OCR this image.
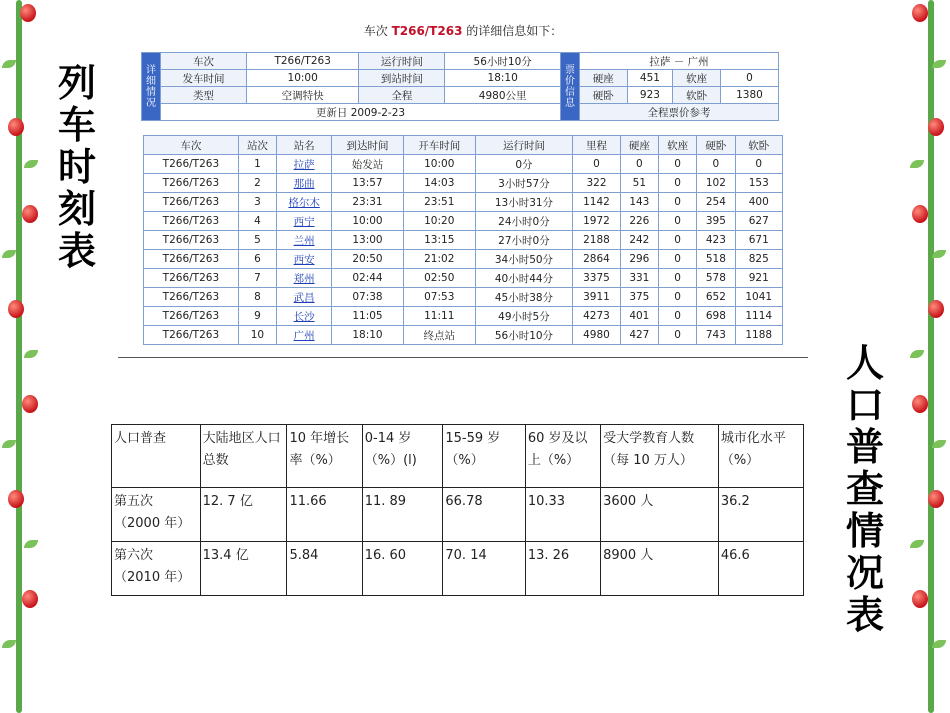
列车时刻表
人口普查情况表
车次 T266/T263 的详细信息如下：
详细情况	车次	T266/T263	运行时间	56小时10分	票价信息	拉萨 － 广州			
	发车时间	10:00	到站时间	18:10		硬座	451	软座	0
	类型	空调特快	全程	4980公里		硬卧	923	软卧	1380
	更新日 2009-2-23					全程票价参考			
车次	站次	站名	到达时间	开车时间	运行时间	里程	硬座	软座	硬卧	软卧
T266/T263	1	拉萨	始发站	10:00	0分	0	0	0	0	0
T266/T263	2	那曲	13:57	14:03	3小时57分	322	51	0	102	153
T266/T263	3	格尔木	23:31	23:51	13小时31分	1142	143	0	254	400
T266/T263	4	西宁	10:00	10:20	24小时0分	1972	226	0	395	627
T266/T263	5	兰州	13:00	13:15	27小时0分	2188	242	0	423	671
T266/T263	6	西安	20:50	21:02	34小时50分	2864	296	0	518	825
T266/T263	7	郑州	02:44	02:50	40小时44分	3375	331	0	578	921
T266/T263	8	武昌	07:38	07:53	45小时38分	3911	375	0	652	1041
T266/T263	9	长沙	11:05	11:11	49小时5分	4273	401	0	698	1114
T266/T263	10	广州	18:10	终点站	56小时10分	4980	427	0	743	1188
人口普查	大陆地区人口总数	10 年增长率（%）	0-14 岁（%）(l)	15-59 岁（%）	60 岁及以上（%）	受大学教育人数（每 10 万人）	城市化水平（%）
第五次（2000 年）	12. 7 亿	11.66	11. 89	66.78	10.33	3600 人	36.2
第六次（2010 年）	13.4 亿	5.84	16. 60	70. 14	13. 26	8900 人	46.6
